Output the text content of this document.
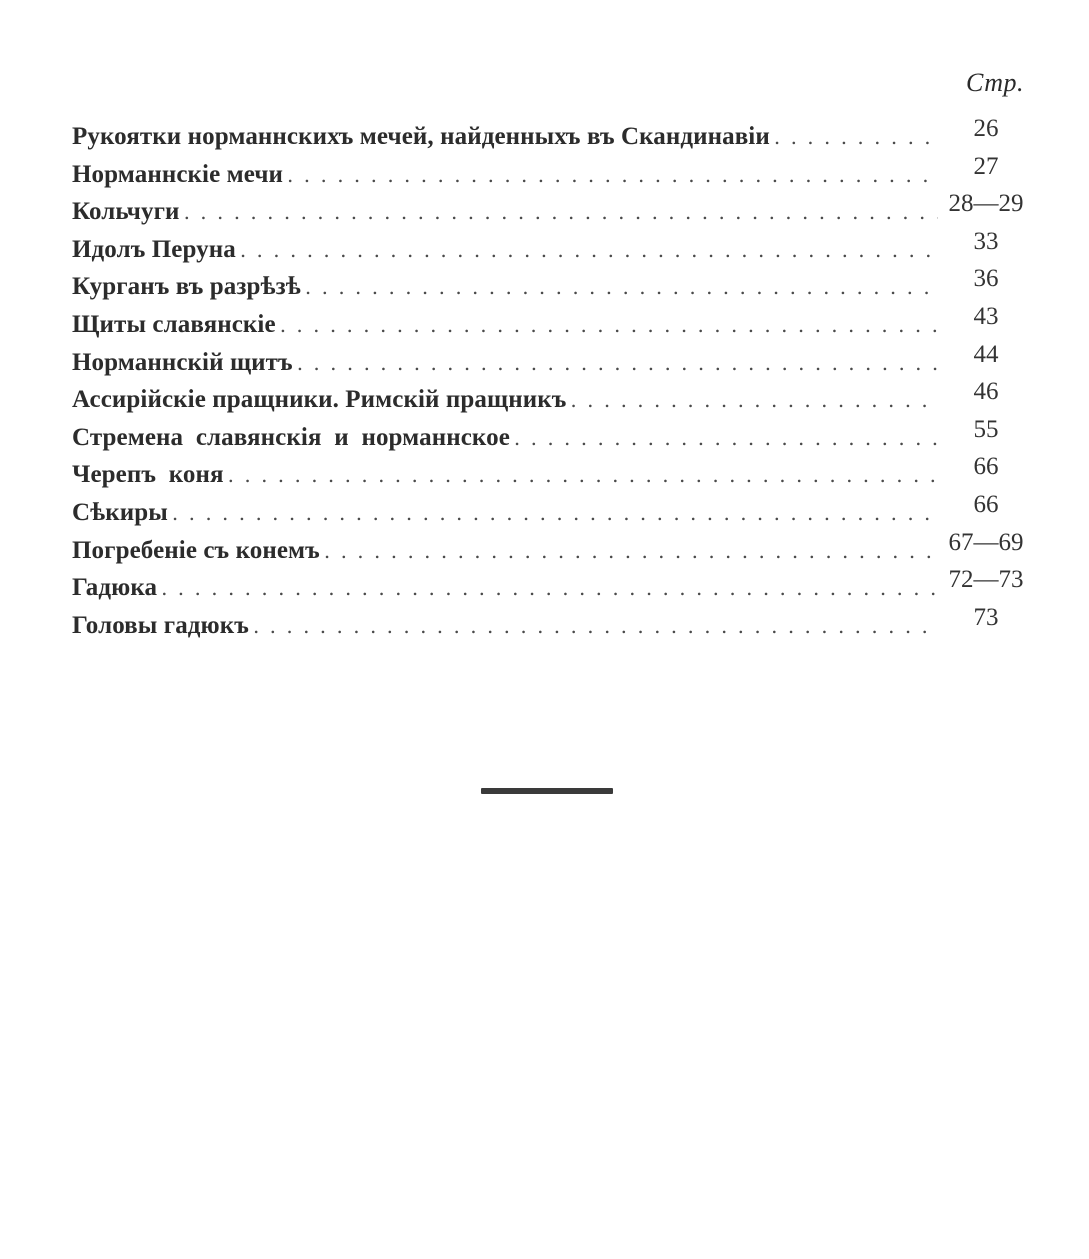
Стр.
Рукоятки норманнскихъ мечей, найденныхъ въ Скандинавіи . . .	26
Норманнскіе мечи . . .	27
Кольчуги . . .	28—29
Идолъ Перуна . . .	33
Курганъ въ разрѣзѣ . . .	36
Щиты славянскіе . . .	43
Норманнскій щитъ . . .	44
Ассирійскіе пращники. Римскій пращникъ . . .	46
Стремена  славянскія  и  норманнское . . .	55
Черепъ  коня . . .	66
Сѣкиры . . .	66
Погребеніе съ конемъ . . .	67—69
Гадюка . . .	72—73
Головы гадюкъ . . .	73
